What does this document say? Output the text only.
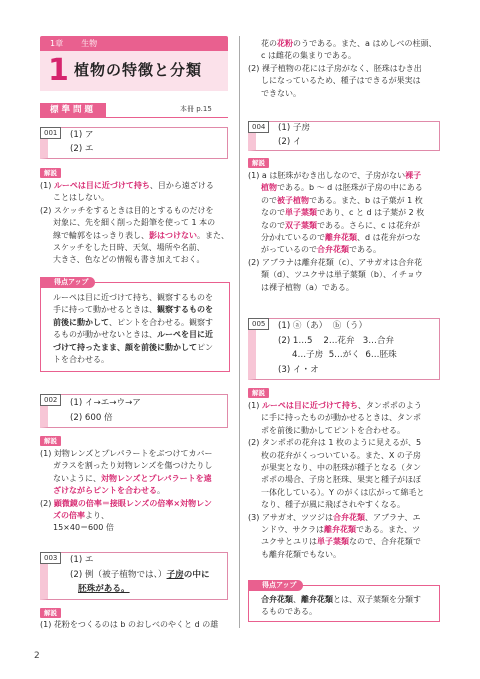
1章　 生物
1 植物の特徴と分類
標準問題	本冊 p.15
001	(1) ア
(2) エ
解説
(1) ルーペは目に近づけて持ち、目から遠ざける
ことはしない。
(2) スケッチをするときは目的とするものだけを
対象に、先を細く削った鉛筆を使って 1 本の
線で輪郭をはっきり表し、影はつけない。また、
スケッチをした日時、天気、場所や名前、
大きさ、色などの情報も書き加えておく。
得点アップ
ルーペは目に近づけて持ち、観察するものを
手に持って動かせるときは、観察するものを
前後に動かして、ピントを合わせる。観察す
るものが動かせないときは、ルーペを目に近
づけて持ったまま、顔を前後に動かしてピン
トを合わせる。
002	(1) イ→エ→ウ→ア
(2) 600 倍
解説
(1) 対物レンズとプレパラートをぶつけてカバー
ガラスを割ったり対物レンズを傷つけたりし
ないように、対物レンズとプレパラートを遠
ざけながらピントを合わせる。
(2) 顕微鏡の倍率＝接眼レンズの倍率×対物レン
ズの倍率より、
15×40＝600 倍
003	(1) エ
(2) 例（被子植物では、）子房の中に
胚珠がある。
解説
(1) 花粉をつくるのは b のおしべのやくと d の雄
花の花粉のうである。また、a はめしべの柱頭、
c は雌花の集まりである。
(2) 裸子植物の花には子房がなく、胚珠はむき出
しになっているため、種子はできるが果実は
できない。
004	(1) 子房
(2) イ
解説
(1) a は胚珠がむき出しなので、子房がない裸子
植物である。b ～ d は胚珠が子房の中にある
ので被子植物である。また、b は子葉が 1 枚
なので単子葉類であり、c と d は子葉が 2 枚
なので双子葉類である。さらに、c は花弁が
分かれているので離弁花類、d は花弁がつな
がっているので合弁花類である。
(2) アブラナは離弁花類（c）、アサガオは合弁花
類（d）、ツユクサは単子葉類（b）、イチョウ
は裸子植物（a）である。
005	(1) ⓐ（あ）  ⓑ（う）
(2) 1…5    2…花弁   3…合弁
4…子房  5…がく  6…胚珠
(3) イ・オ
解説
(1) ルーペは目に近づけて持ち、タンポポのよう
に手に持ったものが動かせるときは、タンポ
ポを前後に動かしてピントを合わせる。
(2) タンポポの花弁は 1 枚のように見えるが、5
枚の花弁がくっついている。また、X の子房
が果実となり、中の胚珠が種子となる（タン
ポポの場合、子房と胚珠、果実と種子がほぼ
一体化している）。Y のがくは広がって綿毛と
なり、種子が風に飛ばされやすくなる。
(3) アサガオ、ツツジは合弁花類、アブラナ、エ
ンドウ、サクラは離弁花類である。また、ツ
ユクサとユリは単子葉類なので、合弁花類で
も離弁花類でもない。
得点アップ
合弁花類、離弁花類とは、双子葉類を分類す
るものである。
2
